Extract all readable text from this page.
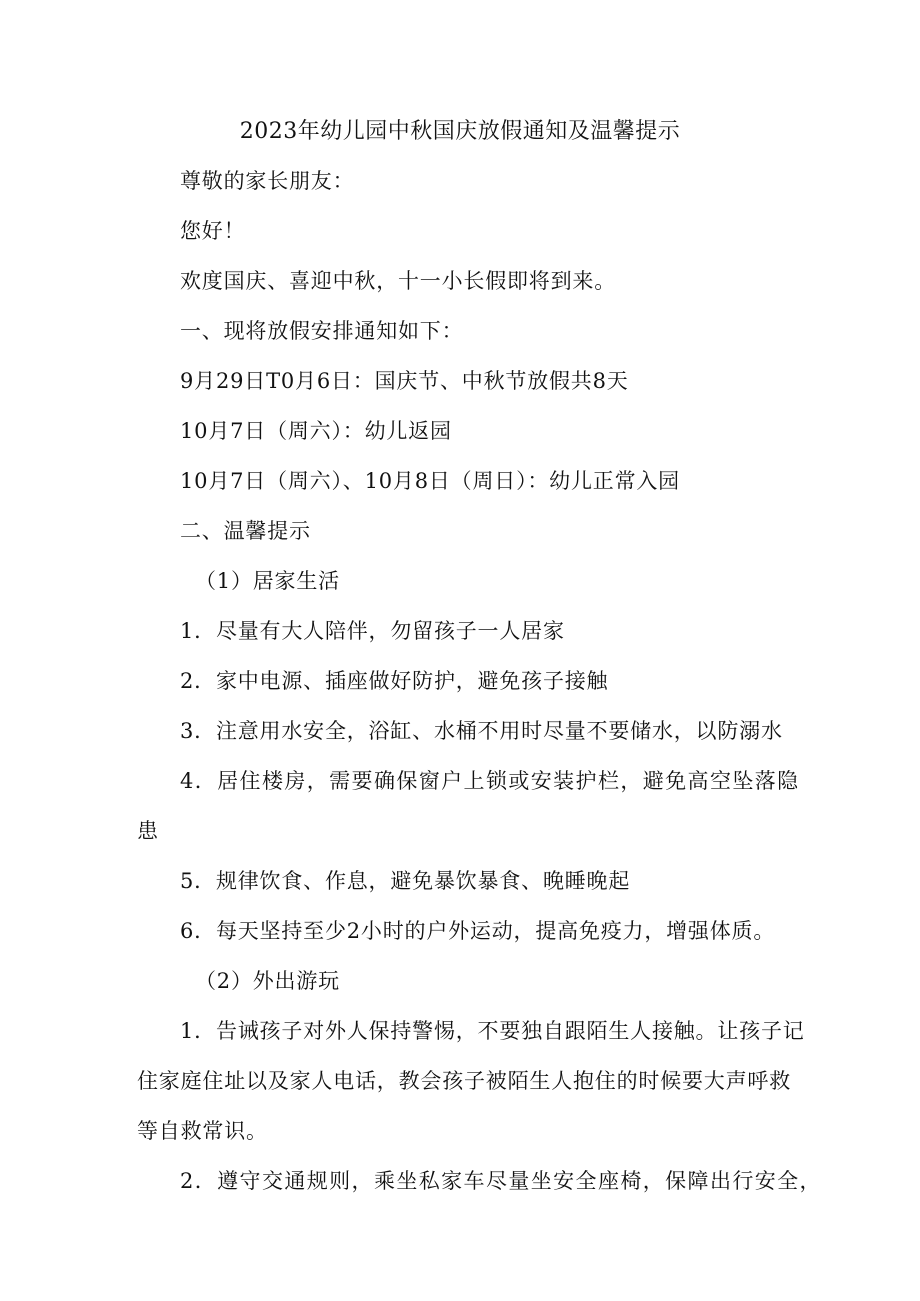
2023年幼儿园中秋国庆放假通知及温馨提示
尊敬的家长朋友：
您好！
欢度国庆、喜迎中秋，十一小长假即将到来。
一、现将放假安排通知如下：
9月29日T0月6日：国庆节、中秋节放假共8天
10月7日（周六）：幼儿返园
10月7日（周六）、10月8日（周日）：幼儿正常入园
二、温馨提示
（1）居家生活
1．尽量有大人陪伴，勿留孩子一人居家
2．家中电源、插座做好防护，避免孩子接触
3．注意用水安全，浴缸、水桶不用时尽量不要储水，以防溺水
4．居住楼房，需要确保窗户上锁或安装护栏，避免高空坠落隐
患
5．规律饮食、作息，避免暴饮暴食、晚睡晚起
6．每天坚持至少2小时的户外运动，提高免疫力，增强体质。
（2）外出游玩
1．告诫孩子对外人保持警惕，不要独自跟陌生人接触。让孩子记
住家庭住址以及家人电话，教会孩子被陌生人抱住的时候要大声呼救
等自救常识。
2．遵守交通规则，乘坐私家车尽量坐安全座椅，保障出行安全，
